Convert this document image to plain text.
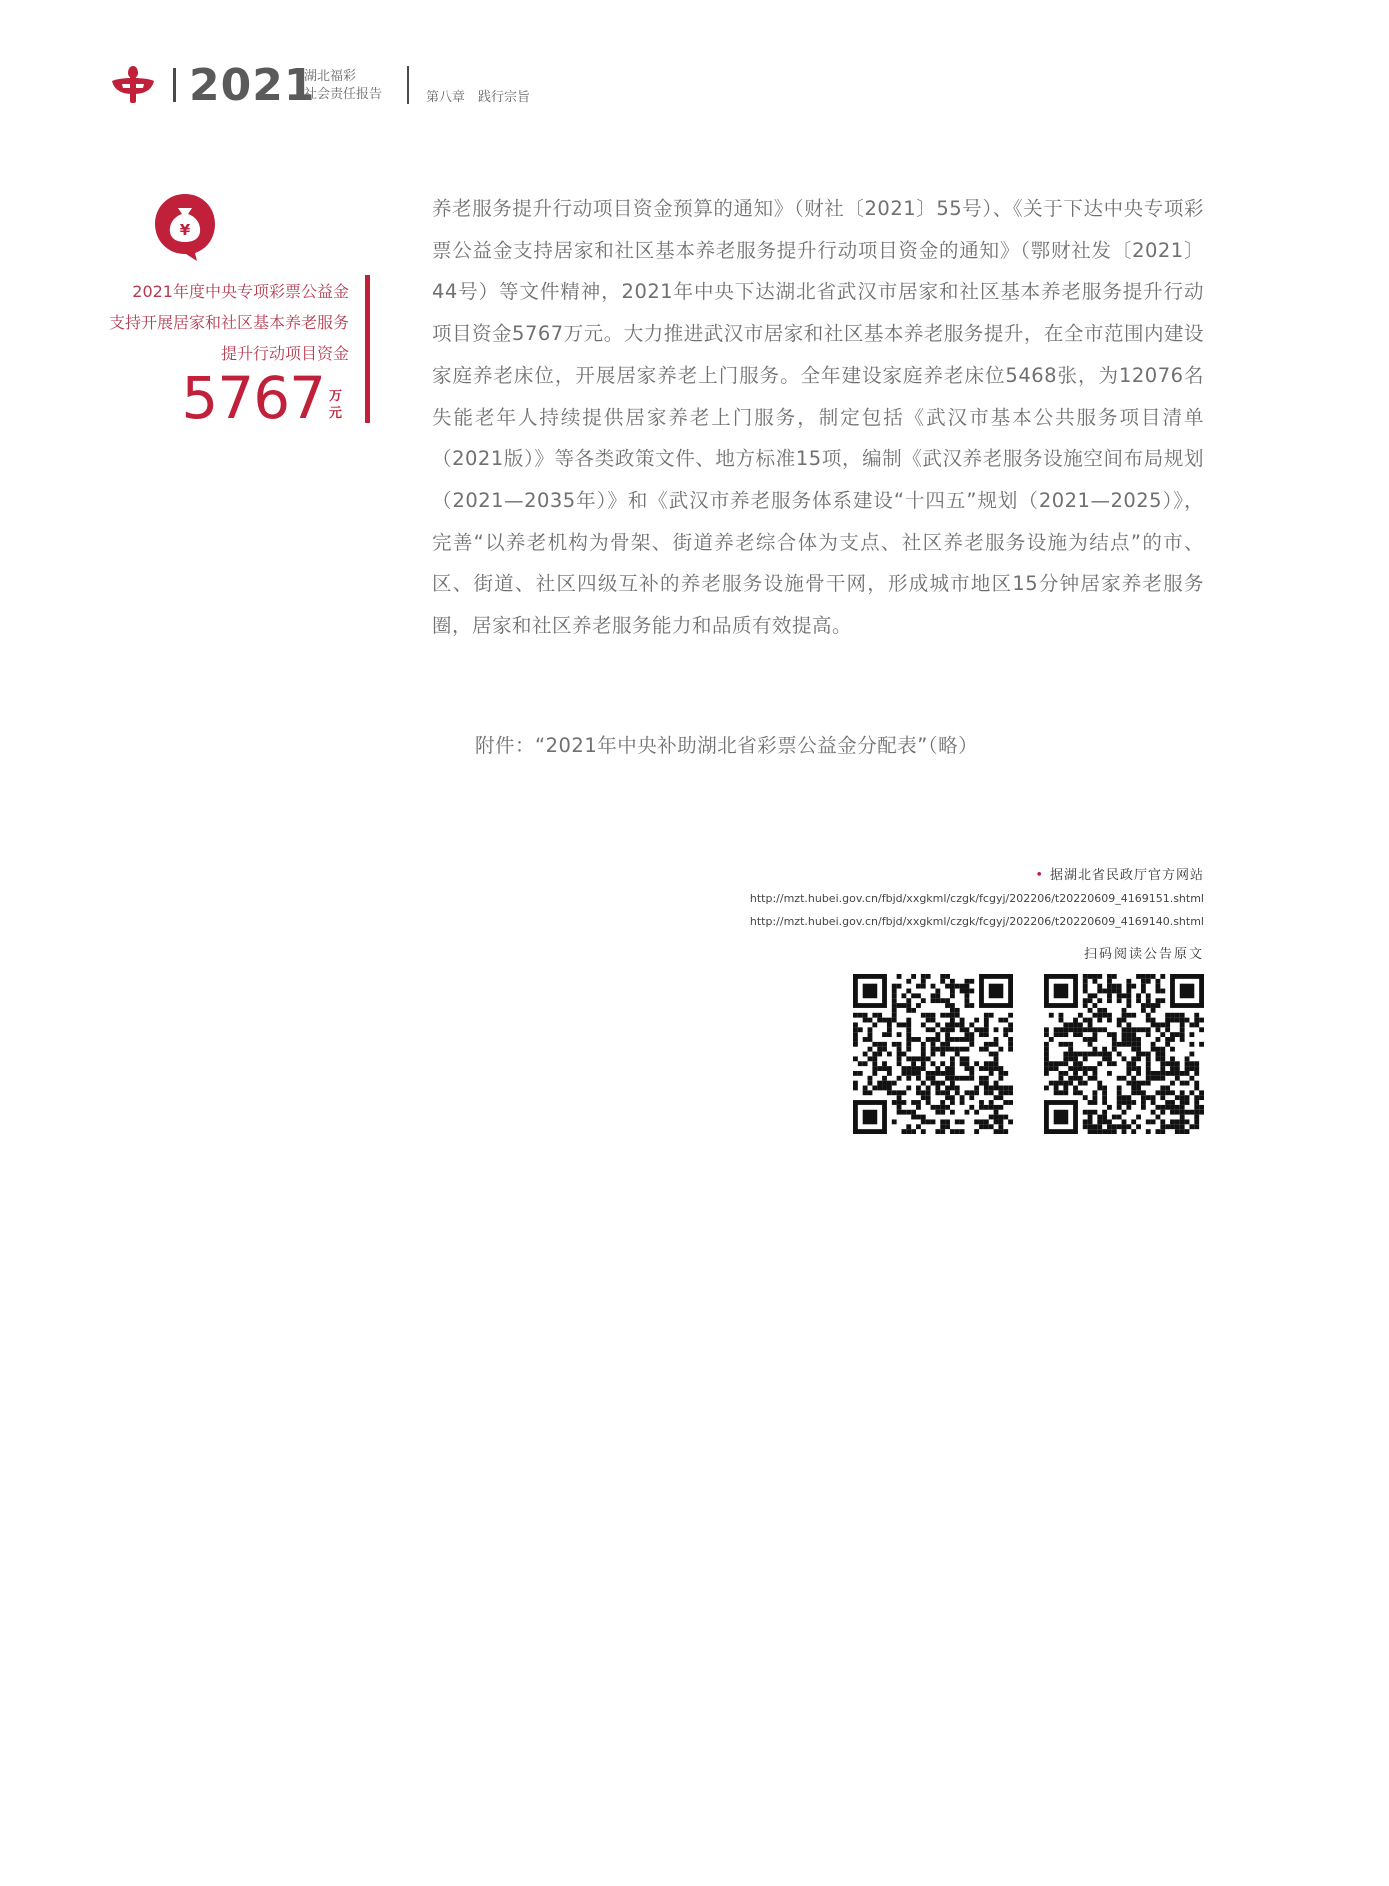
2021
湖北福彩
社会责任报告	第八章　践行宗旨
¥
2021年度中央专项彩票公益金
支持开展居家和社区基本养老服务
提升行动项目资金
5767 万
元
养老服务提升行动项目资金预算的通知》（财社〔2021〕55号）、《关于下达中央专项彩票公益金支持居家和社区基本养老服务提升行动项目资金的通知》（鄂财社发〔2021〕44号）等文件精神，2021年中央下达湖北省武汉市居家和社区基本养老服务提升行动项目资金5767万元。大力推进武汉市居家和社区基本养老服务提升，在全市范围内建设家庭养老床位，开展居家养老上门服务。全年建设家庭养老床位5468张，为12076名失能老年人持续提供居家养老上门服务，制定包括《武汉市基本公共服务项目清单（2021版）》等各类政策文件、地方标准15项，编制《武汉养老服务设施空间布局规划（2021—2035年）》和《武汉市养老服务体系建设“十四五”规划（2021—2025）》，完善“以养老机构为骨架、街道养老综合体为支点、社区养老服务设施为结点”的市、区、街道、社区四级互补的养老服务设施骨干网，形成城市地区15分钟居家养老服务圈，居家和社区养老服务能力和品质有效提高。
附件：“2021年中央补助湖北省彩票公益金分配表”（略）
• 据湖北省民政厅官方网站
http://mzt.hubei.gov.cn/fbjd/xxgkml/czgk/fcgyj/202206/t20220609_4169151.shtml
http://mzt.hubei.gov.cn/fbjd/xxgkml/czgk/fcgyj/202206/t20220609_4169140.shtml
扫码阅读公告原文
